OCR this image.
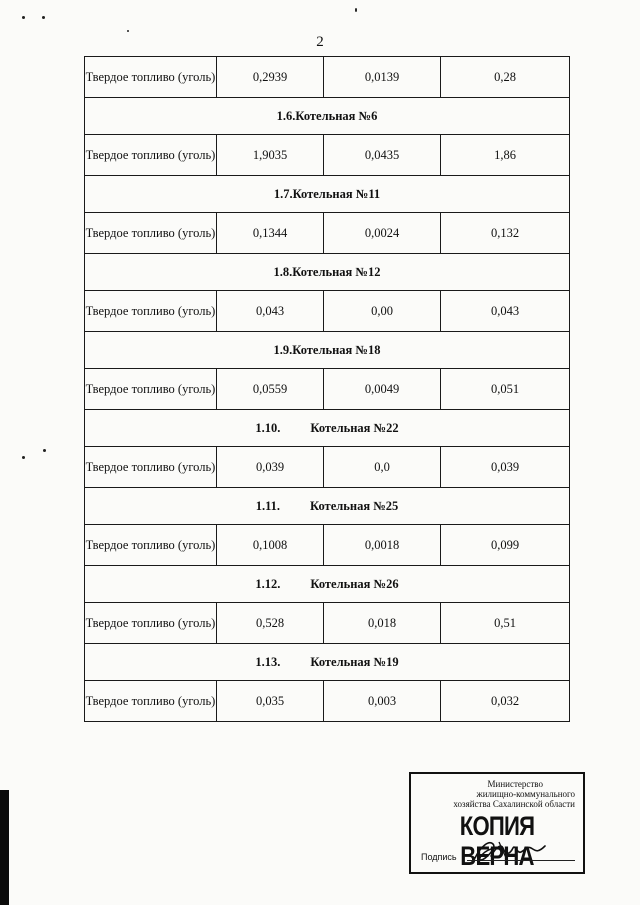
2
Твердое топливо (уголь)	0,2939	0,0139	0,28
1.6.Котельная №6			
Твердое топливо (уголь)	1,9035	0,0435	1,86
1.7.Котельная №11			
Твердое топливо (уголь)	0,1344	0,0024	0,132
1.8.Котельная №12			
Твердое топливо (уголь)	0,043	0,00	0,043
1.9.Котельная №18			
Твердое топливо (уголь)	0,0559	0,0049	0,051
1.10. Котельная №22			
Твердое топливо (уголь)	0,039	0,0	0,039
1.11. Котельная №25			
Твердое топливо (уголь)	0,1008	0,0018	0,099
1.12. Котельная №26			
Твердое топливо (уголь)	0,528	0,018	0,51
1.13. Котельная №19			
Твердое топливо (уголь)	0,035	0,003	0,032
Министерство
жилищно-коммунального
хозяйства Сахалинской области
КОПИЯ ВЕРНА
Подпись
